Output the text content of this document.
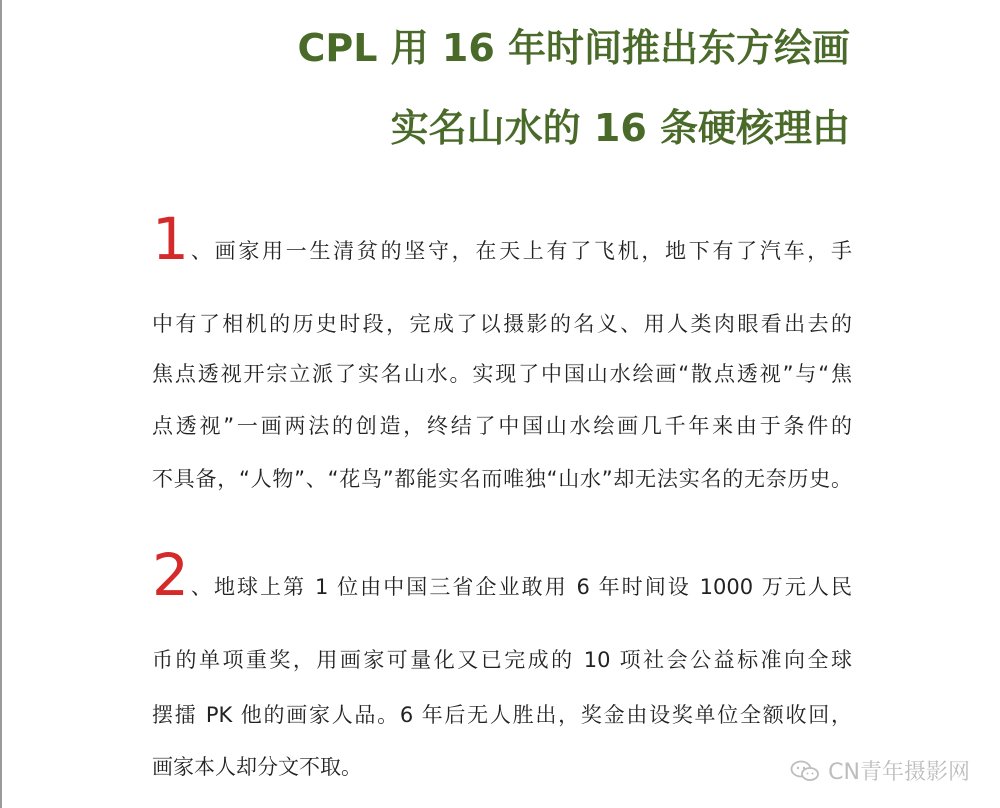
CPL 用 16 年时间推出东方绘画
实名山水的 16 条硬核理由
1 、画家用一生清贫的坚守，在天上有了飞机，地下有了汽车，手
中有了相机的历史时段，完成了以摄影的名义、用人类肉眼看出去的
焦点透视开宗立派了实名山水。实现了中国山水绘画“散点透视”与“焦
点透视”一画两法的创造，终结了中国山水绘画几千年来由于条件的
不具备，“人物”、“花鸟”都能实名而唯独“山水”却无法实名的无奈历史。
2 、地球上第 1 位由中国三省企业敢用 6 年时间设 1000 万元人民
币的单项重奖，用画家可量化又已完成的 10 项社会公益标准向全球
摆擂 PK 他的画家人品。6 年后无人胜出，奖金由设奖单位全额收回，
画家本人却分文不取。	CN青年摄影网
